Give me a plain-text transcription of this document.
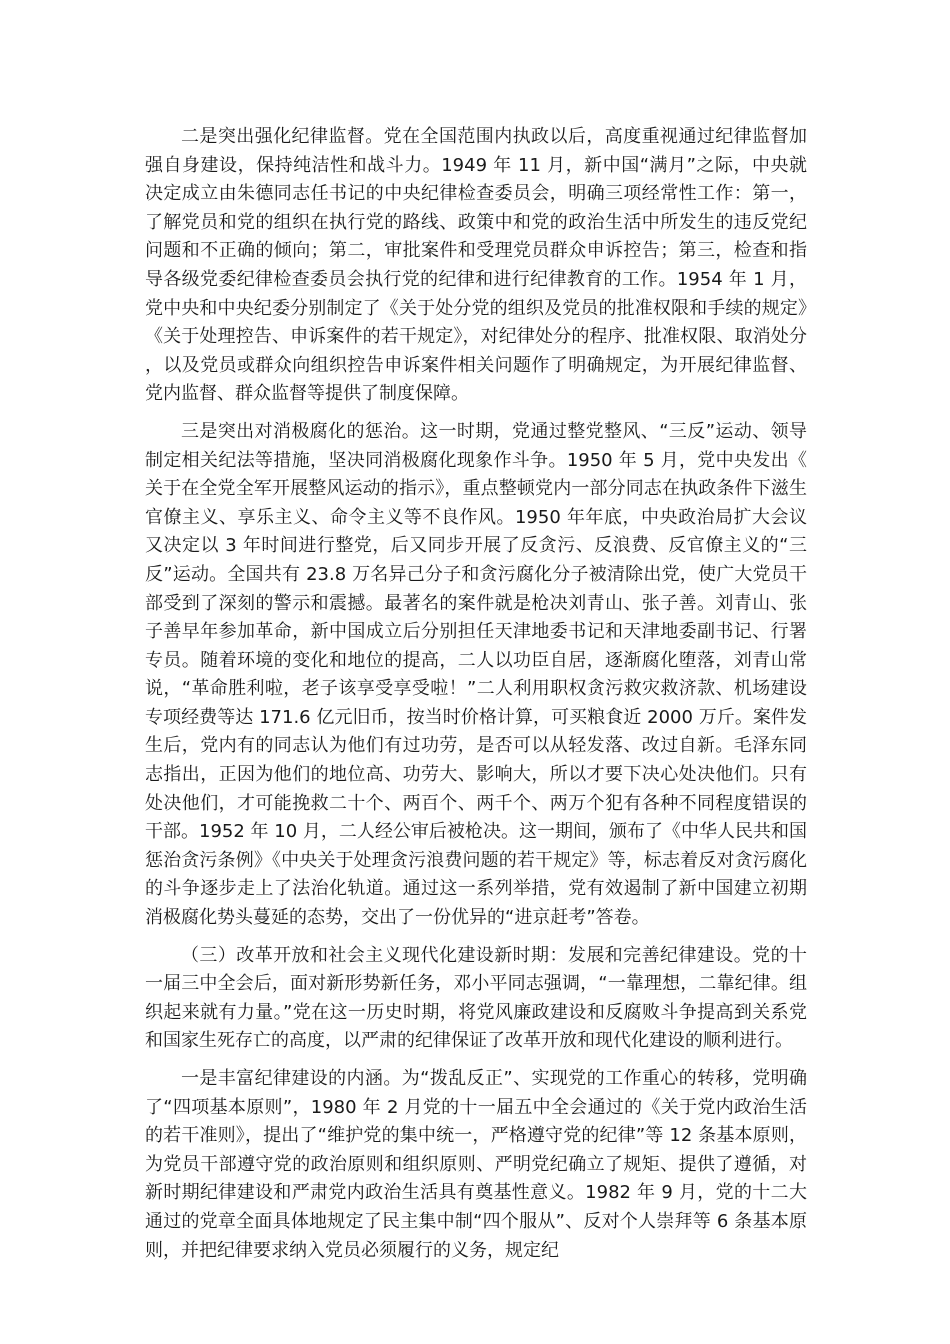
二是突出强化纪律监督。党在全国范围内执政以后，高度重视通过纪律监督加强自身建设，保持纯洁性和战斗力。1949 年 11 月，新中国“满月”之际，中央就决定成立由朱德同志任书记的中央纪律检查委员会，明确三项经常性工作：第一，了解党员和党的组织在执行党的路线、政策中和党的政治生活中所发生的违反党纪问题和不正确的倾向；第二，审批案件和受理党员群众申诉控告；第三，检查和指导各级党委纪律检查委员会执行党的纪律和进行纪律教育的工作。1954 年 1 月，党中央和中央纪委分别制定了《关于处分党的组织及党员的批准权限和手续的规定》《关于处理控告、申诉案件的若干规定》，对纪律处分的程序、批准权限、取消处分，以及党员或群众向组织控告申诉案件相关问题作了明确规定，为开展纪律监督、党内监督、群众监督等提供了制度保障。

三是突出对消极腐化的惩治。这一时期，党通过整党整风、“三反”运动、领导制定相关纪法等措施，坚决同消极腐化现象作斗争。1950 年 5 月，党中央发出《关于在全党全军开展整风运动的指示》，重点整顿党内一部分同志在执政条件下滋生官僚主义、享乐主义、命令主义等不良作风。1950 年年底，中央政治局扩大会议又决定以 3 年时间进行整党，后又同步开展了反贪污、反浪费、反官僚主义的“三反”运动。全国共有 23.8 万名异己分子和贪污腐化分子被清除出党，使广大党员干部受到了深刻的警示和震撼。最著名的案件就是枪决刘青山、张子善。刘青山、张子善早年参加革命，新中国成立后分别担任天津地委书记和天津地委副书记、行署专员。随着环境的变化和地位的提高，二人以功臣自居，逐渐腐化堕落，刘青山常说，“革命胜利啦，老子该享受享受啦！”二人利用职权贪污救灾救济款、机场建设专项经费等达 171.6 亿元旧币，按当时价格计算，可买粮食近 2000 万斤。案件发生后，党内有的同志认为他们有过功劳，是否可以从轻发落、改过自新。毛泽东同志指出，正因为他们的地位高、功劳大、影响大，所以才要下决心处决他们。只有处决他们，才可能挽救二十个、两百个、两千个、两万个犯有各种不同程度错误的干部。1952 年 10 月，二人经公审后被枪决。这一期间，颁布了《中华人民共和国惩治贪污条例》《中央关于处理贪污浪费问题的若干规定》等，标志着反对贪污腐化的斗争逐步走上了法治化轨道。通过这一系列举措，党有效遏制了新中国建立初期消极腐化势头蔓延的态势，交出了一份优异的“进京赶考”答卷。

（三）改革开放和社会主义现代化建设新时期：发展和完善纪律建设。党的十一届三中全会后，面对新形势新任务，邓小平同志强调，“一靠理想，二靠纪律。组织起来就有力量。”党在这一历史时期，将党风廉政建设和反腐败斗争提高到关系党和国家生死存亡的高度，以严肃的纪律保证了改革开放和现代化建设的顺利进行。

一是丰富纪律建设的内涵。为“拨乱反正”、实现党的工作重心的转移，党明确了“四项基本原则”，1980 年 2 月党的十一届五中全会通过的《关于党内政治生活的若干准则》，提出了“维护党的集中统一，严格遵守党的纪律”等 12 条基本原则，为党员干部遵守党的政治原则和组织原则、严明党纪确立了规矩、提供了遵循，对新时期纪律建设和严肃党内政治生活具有奠基性意义。1982 年 9 月，党的十二大通过的党章全面具体地规定了民主集中制“四个服从”、反对个人崇拜等 6 条基本原则，并把纪律要求纳入党员必须履行的义务，规定纪
